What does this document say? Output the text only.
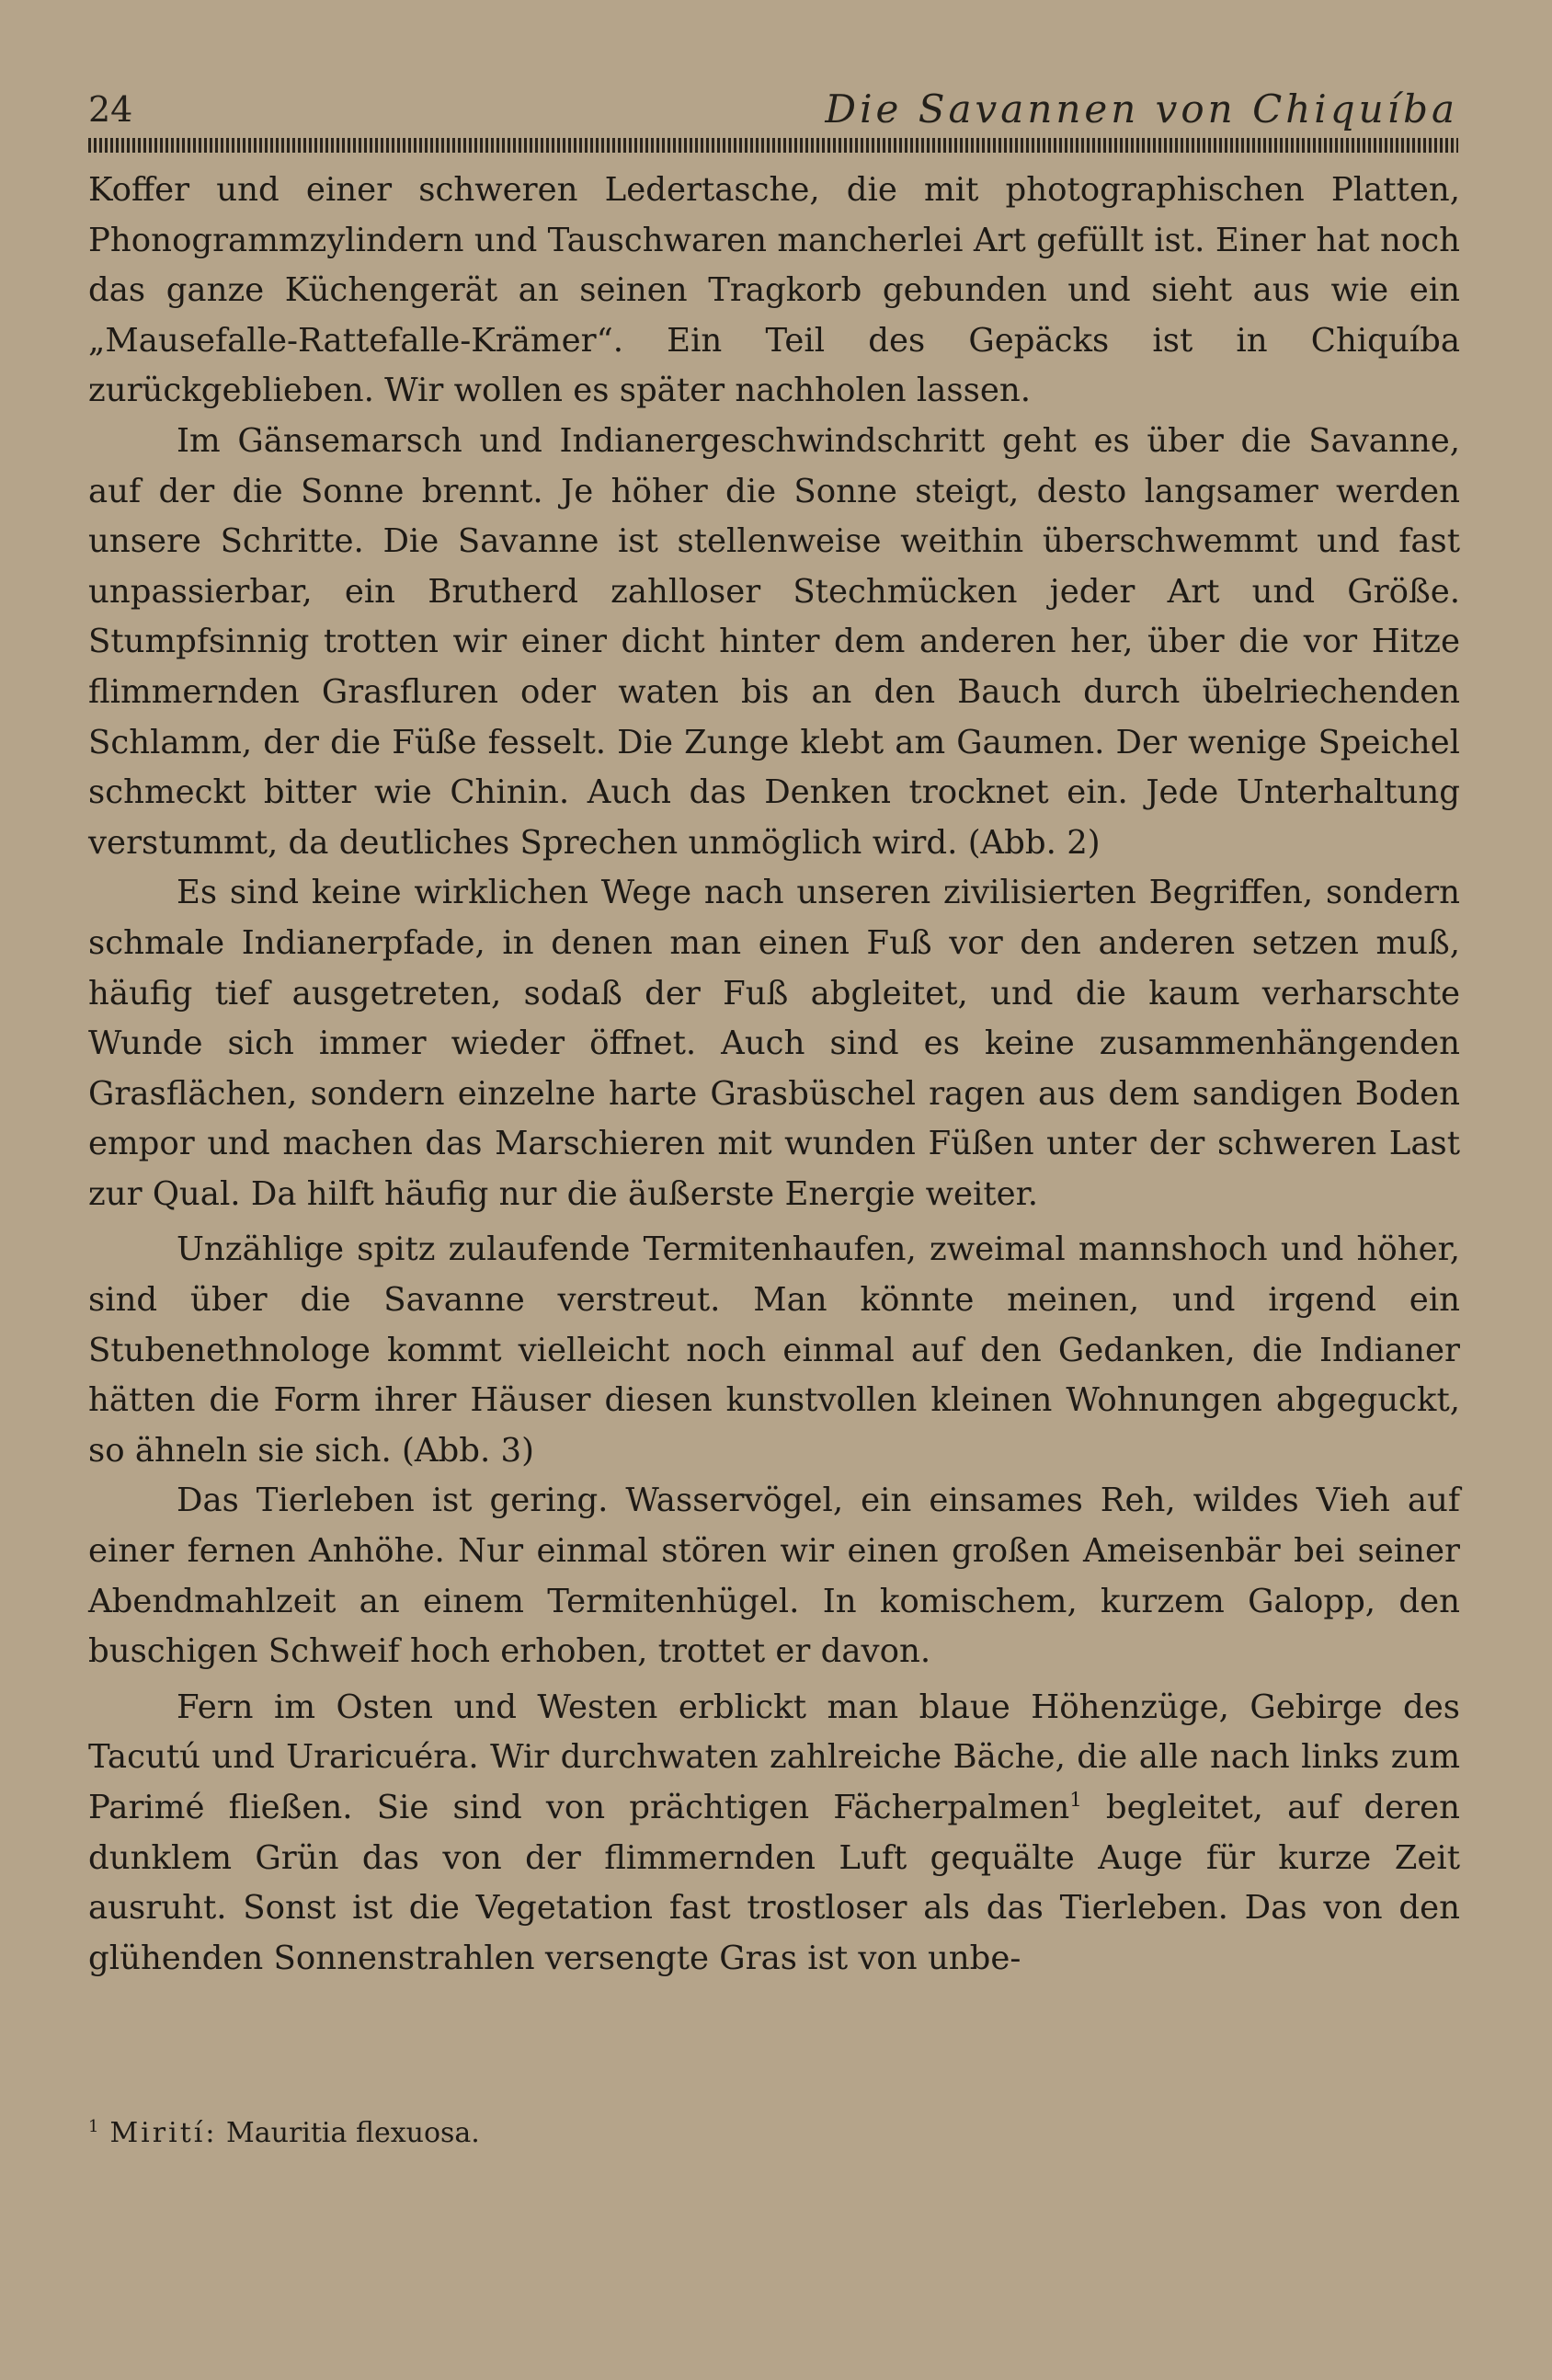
24	Die Savannen von Chiquíba

Koffer und einer schweren Ledertasche, die mit photographischen Platten, Phonogrammzylindern und Tauschwaren mancherlei Art gefüllt ist. Einer hat noch das ganze Küchengerät an seinen Tragkorb gebunden und sieht aus wie ein „Mausefalle-Rattefalle-Krämer“. Ein Teil des Gepäcks ist in Chiquíba zurückgeblieben. Wir wollen es später nachholen lassen.

Im Gänsemarsch und Indianergeschwindschritt geht es über die Savanne, auf der die Sonne brennt. Je höher die Sonne steigt, desto langsamer werden unsere Schritte. Die Savanne ist stellenweise weithin überschwemmt und fast unpassierbar, ein Brutherd zahlloser Stechmücken jeder Art und Größe. Stumpfsinnig trotten wir einer dicht hinter dem anderen her, über die vor Hitze flimmernden Grasfluren oder waten bis an den Bauch durch übelriechenden Schlamm, der die Füße fesselt. Die Zunge klebt am Gaumen. Der wenige Speichel schmeckt bitter wie Chinin. Auch das Denken trocknet ein. Jede Unterhaltung verstummt, da deutliches Sprechen unmöglich wird. (Abb. 2)

Es sind keine wirklichen Wege nach unseren zivilisierten Begriffen, sondern schmale Indianerpfade, in denen man einen Fuß vor den anderen setzen muß, häufig tief ausgetreten, sodaß der Fuß abgleitet, und die kaum verharschte Wunde sich immer wieder öffnet. Auch sind es keine zusammenhängenden Grasflächen, sondern einzelne harte Grasbüschel ragen aus dem sandigen Boden empor und machen das Marschieren mit wunden Füßen unter der schweren Last zur Qual. Da hilft häufig nur die äußerste Energie weiter.

Unzählige spitz zulaufende Termitenhaufen, zweimal mannshoch und höher, sind über die Savanne verstreut. Man könnte meinen, und irgend ein Stubenethnologe kommt vielleicht noch einmal auf den Gedanken, die Indianer hätten die Form ihrer Häuser diesen kunstvollen kleinen Wohnungen abgeguckt, so ähneln sie sich. (Abb. 3)

Das Tierleben ist gering. Wasservögel, ein einsames Reh, wildes Vieh auf einer fernen Anhöhe. Nur einmal stören wir einen großen Ameisenbär bei seiner Abendmahlzeit an einem Termitenhügel. In komischem, kurzem Galopp, den buschigen Schweif hoch erhoben, trottet er davon.

Fern im Osten und Westen erblickt man blaue Höhenzüge, Gebirge des Tacutú und Uraricuéra. Wir durchwaten zahlreiche Bäche, die alle nach links zum Parimé fließen. Sie sind von prächtigen Fächerpalmen$^1$ begleitet, auf deren dunklem Grün das von der flimmernden Luft gequälte Auge für kurze Zeit ausruht. Sonst ist die Vegetation fast trostloser als das Tierleben. Das von den glühenden Sonnenstrahlen versengte Gras ist von unbe-

$^1$ Mirití: Mauritia flexuosa.
